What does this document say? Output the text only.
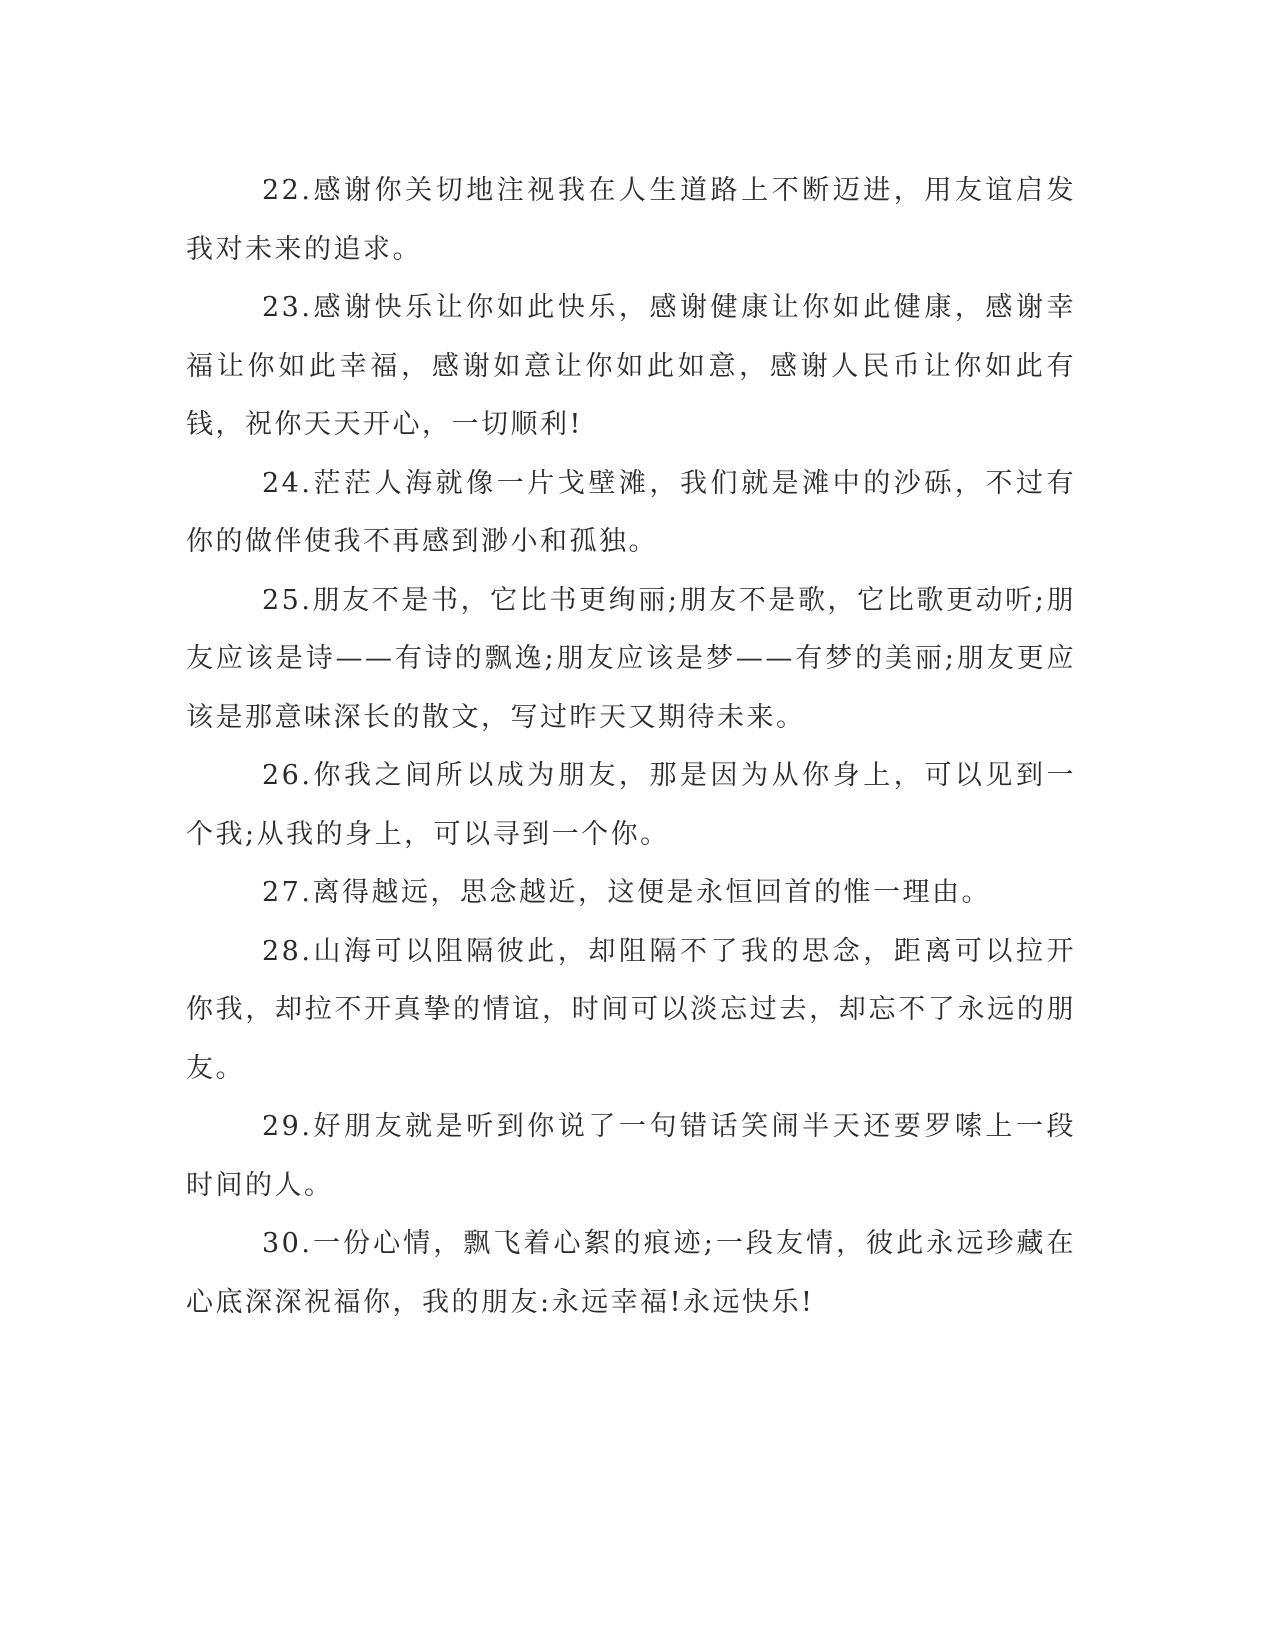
22.感谢你关切地注视我在人生道路上不断迈进，用友谊启发我对未来的追求。

23.感谢快乐让你如此快乐，感谢健康让你如此健康，感谢幸福让你如此幸福，感谢如意让你如此如意，感谢人民币让你如此有钱，祝你天天开心，一切顺利!

24.茫茫人海就像一片戈壁滩，我们就是滩中的沙砾，不过有你的做伴使我不再感到渺小和孤独。

25.朋友不是书，它比书更绚丽;朋友不是歌，它比歌更动听;朋友应该是诗——有诗的飘逸;朋友应该是梦——有梦的美丽;朋友更应该是那意味深长的散文，写过昨天又期待未来。

26.你我之间所以成为朋友，那是因为从你身上，可以见到一个我;从我的身上，可以寻到一个你。

27.离得越远，思念越近，这便是永恒回首的惟一理由。

28.山海可以阻隔彼此，却阻隔不了我的思念，距离可以拉开你我，却拉不开真挚的情谊，时间可以淡忘过去，却忘不了永远的朋友。

29.好朋友就是听到你说了一句错话笑闹半天还要罗嗦上一段时间的人。

30.一份心情，飘飞着心絮的痕迹;一段友情，彼此永远珍藏在心底深深祝福你，我的朋友:永远幸福!永远快乐!
